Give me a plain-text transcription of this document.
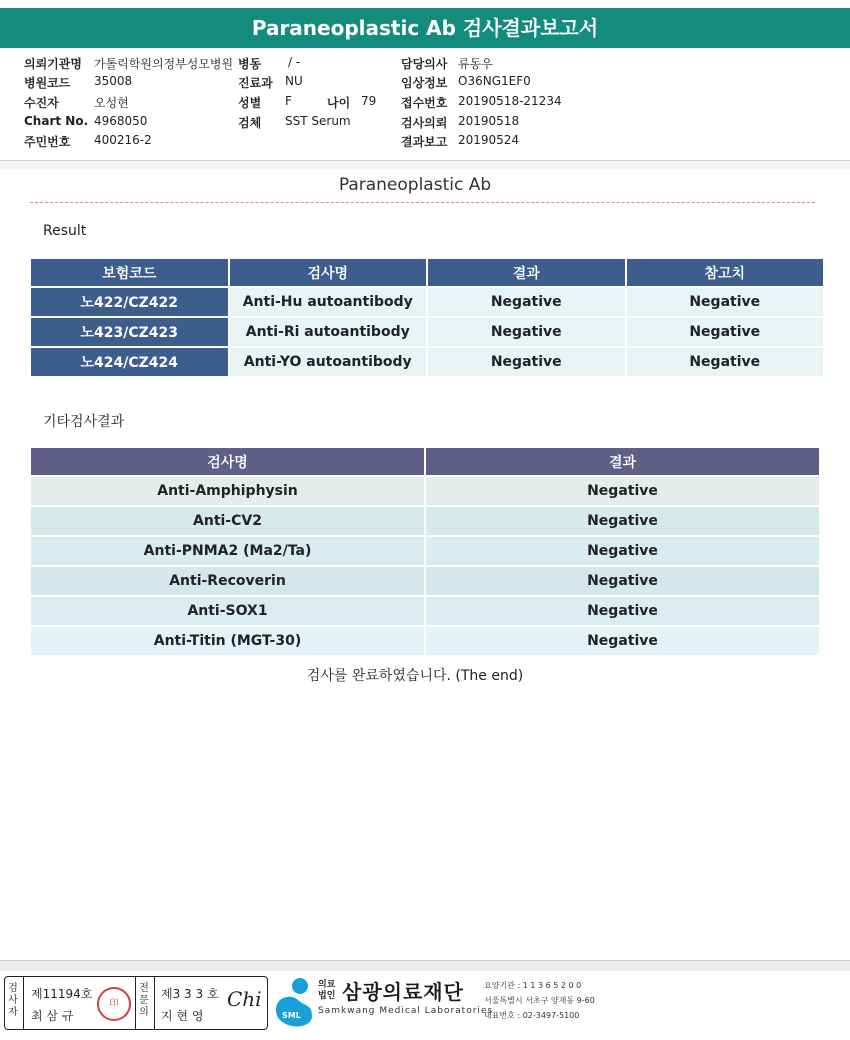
Paraneoplastic Ab 검사결과보고서
의뢰기관명 가톨릭학원의정부성모병원
병원코드 35008
수진자	오성현
Chart No. 4968050
주민번호 400216-2
병동 / -
진료과 NU
성별 F
검체 SST Serum
나이 79
담당의사 류동우
임상정보 O36NG1EF0
접수번호 20190518-21234
검사의뢰 20190518
결과보고 20190524
Paraneoplastic Ab
Result
보험코드	검사명	결과	참고치
노422/CZ422	Anti-Hu autoantibody	Negative	Negative
노423/CZ423	Anti-Ri autoantibody	Negative	Negative
노424/CZ424	Anti-YO autoantibody	Negative	Negative
기타검사결과
검사명	결과
Anti-Amphiphysin	Negative
Anti-CV2	Negative
Anti-PNMA2 (Ma2/Ta)	Negative
Anti-Recoverin	Negative
Anti-SOX1	Negative
Anti-Titin (MGT-30)	Negative
검사를 완료하였습니다. (The end)
검사자
제11194호
최 삼 규
印
전문의
제3 3 3 호
지 현 영
Chi
SML
의료
법인 삼광의료재단
Samkwang Medical Laboratories
요양기관 : 1 1 3 6 5 2 0 0
서울특별시 서초구 양재동 9-60
대표번호 : 02-3497-5100
